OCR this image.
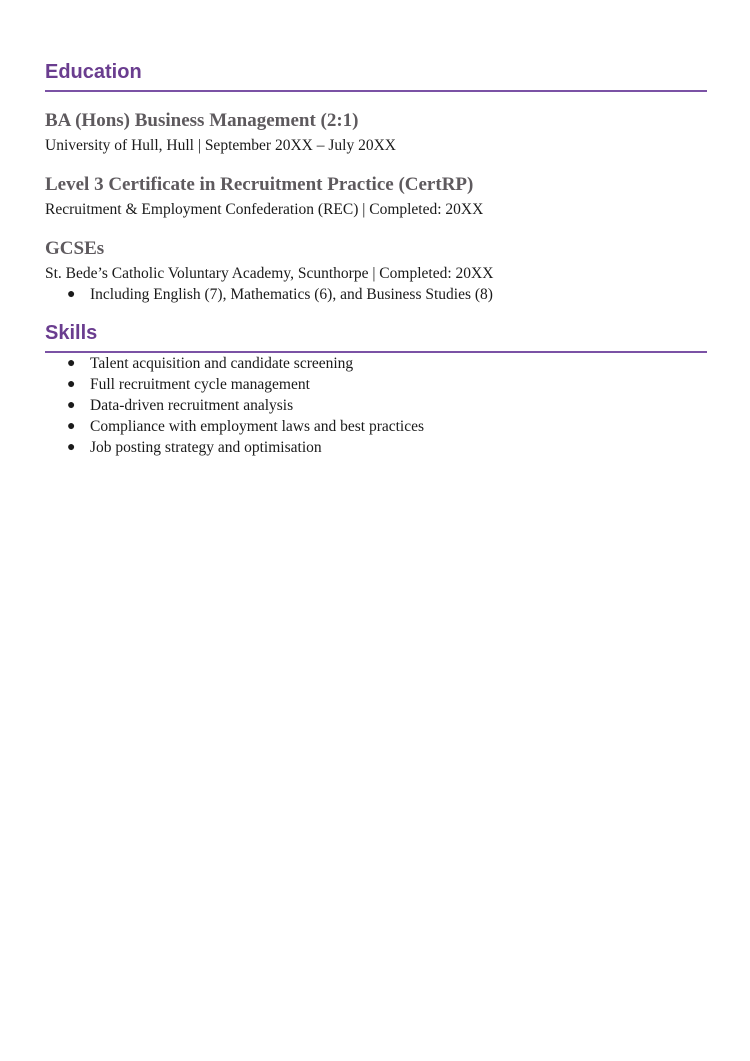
Education

BA (Hons) Business Management (2:1)

University of Hull, Hull | September 20XX – July 20XX

Level 3 Certificate in Recruitment Practice (CertRP)

Recruitment & Employment Confederation (REC) | Completed: 20XX

GCSEs

St. Bede’s Catholic Voluntary Academy, Scunthorpe | Completed: 20XX

● Including English (7), Mathematics (6), and Business Studies (8)
Skills
● Talent acquisition and candidate screening
● Full recruitment cycle management
● Data-driven recruitment analysis
● Compliance with employment laws and best practices
● Job posting strategy and optimisation
